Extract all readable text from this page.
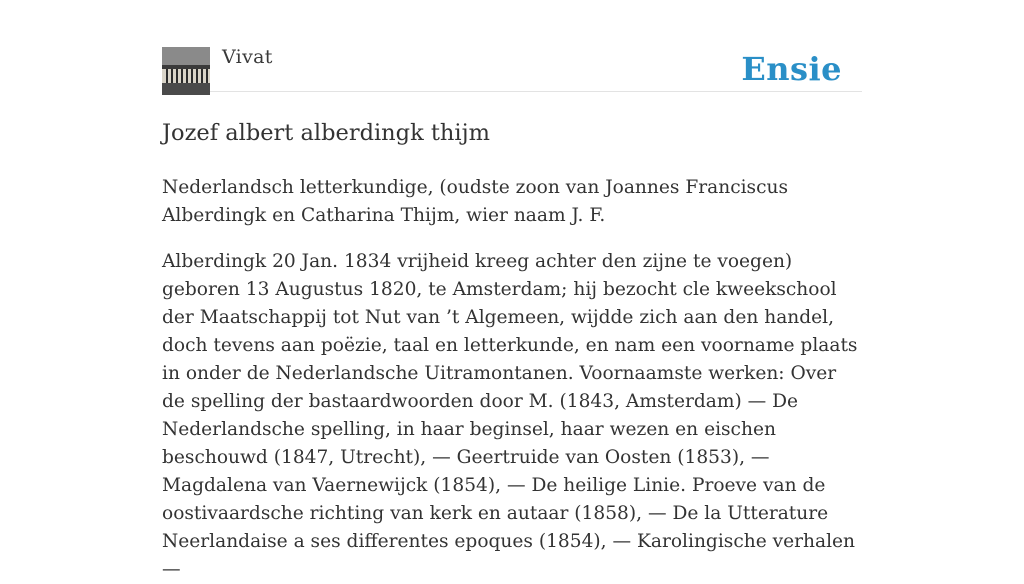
Vivat	Ensie
Jozef albert alberdingk thijm

Nederlandsch letterkundige, (oudste zoon van Joannes Franciscus Alberdingk en Catharina Thijm, wier naam J. F.

Alberdingk 20 Jan. 1834 vrijheid kreeg achter den zijne te voegen) geboren 13 Augustus 1820, te Amsterdam; hij bezocht cle kweekschool der Maatschappij tot Nut van ’t Algemeen, wijdde zich aan den handel, doch tevens aan poëzie, taal en letterkunde, en nam een voorname plaats in onder de Nederlandsche Uitramontanen. Voornaamste werken: Over de spelling der bastaardwoorden door M. (1843, Amsterdam) — De Nederlandsche spelling, in haar beginsel, haar wezen en eischen beschouwd (1847, Utrecht), — Geertruide van Oosten (1853), — Magdalena van Vaernewijck (1854), — De heilige Linie. Proeve van de oostivaardsche richting van kerk en autaar (1858), — De la Utterature Neerlandaise a ses differentes epoques (1854), — Karolingische verhalen —
